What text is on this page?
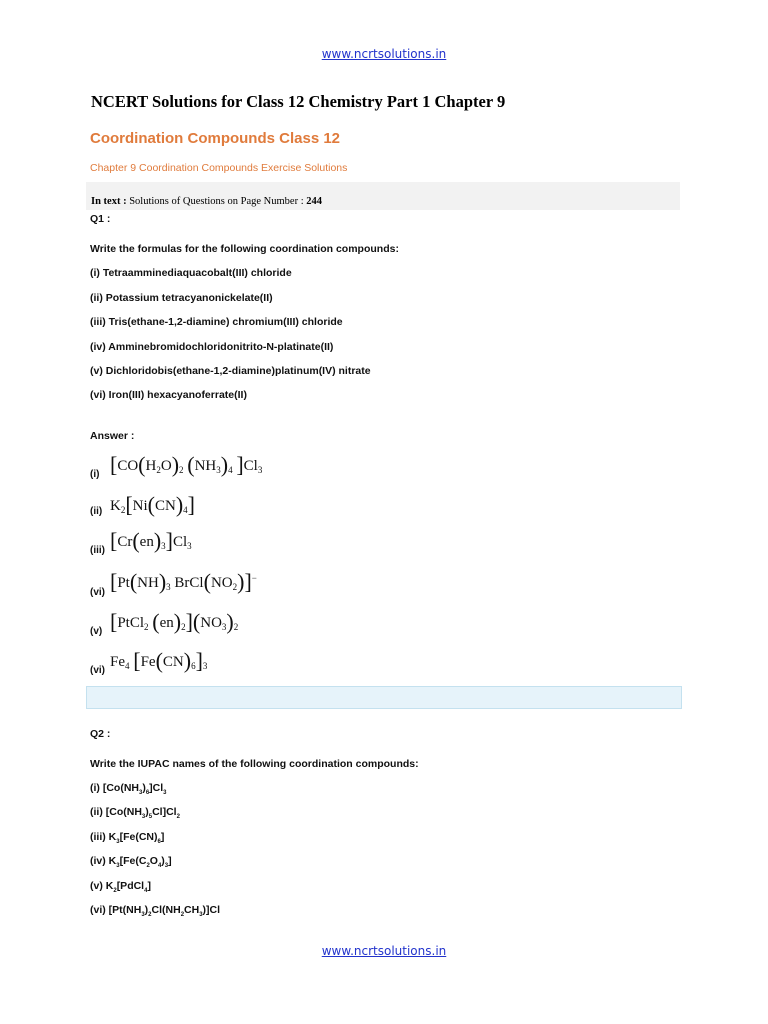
www.ncrtsolutions.in
NCERT Solutions for Class 12 Chemistry Part 1 Chapter 9
Coordination Compounds Class 12
Chapter 9 Coordination Compounds Exercise Solutions
In text : Solutions of Questions on Page Number : 244
Q1 :
Write the formulas for the following coordination compounds:
(i) Tetraamminediaquacobalt(III) chloride
(ii) Potassium tetracyanonickelate(II)
(iii) Tris(ethane-1,2-diamine) chromium(III) chloride
(iv) Amminebromidochloridonitrito-N-platinate(II)
(v) Dichloridobis(ethane-1,2-diamine)platinum(IV) nitrate
(vi) Iron(III) hexacyanoferrate(II)
Answer :
(i) [$CO(H_2O)_2$ $(NH_3)_4$ ]$Cl_3$
(ii) $K_2[Ni(CN)_4]$
(iii) $[Cr(en)_3]Cl_3$
(vi) [$Pt(NH)_3$ $BrCl(NO_2)]^-$
(v) [PtCl$_2$ $(en)_2](NO_3)_2$
(vi)
$Fe_4$ $[Fe(CN)_6]_3$
Q2 :
Write the IUPAC names of the following coordination compounds:
(i) $[Co(NH_3)_6]Cl_3$
(ii) $[Co(NH_3)_5Cl]Cl_2$
(iii) $K_3[Fe(CN)_6]$
(iv) $K_3[Fe(C_2O_4)_3]$
(v) $K_2[PdCl_4]$
(vi) $[Pt(NH_3)_2Cl(NH_2CH_3)]Cl$
www.ncrtsolutions.in
